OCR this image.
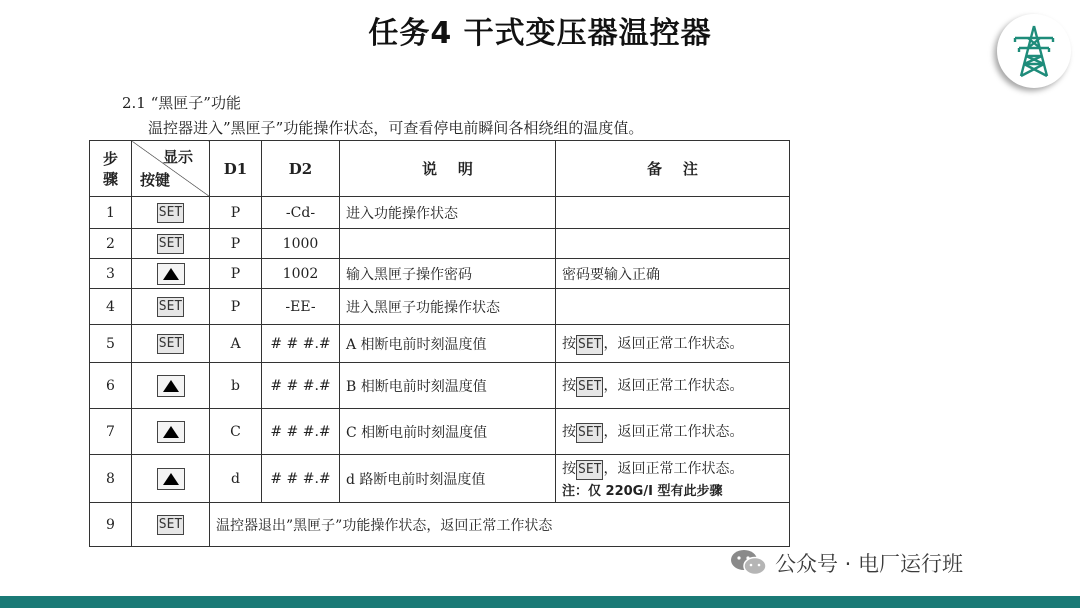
任务4 干式变压器温控器
2.1 “黑匣子”功能
温控器进入”黑匣子”功能操作状态，可查看停电前瞬间各相绕组的温度值。
步骤	显示
按键	D1	D2	说    明	备    注
1	SET	P	-Cd-	进入功能操作状态	
2	SET	P	1000		
3		P	1002	输入黑匣子操作密码	密码要输入正确
4	SET	P	-EE-	进入黑匣子功能操作状态	
5	SET	A	# # #.#	A 相断电前时刻温度值	按 SET ，返回正常工作状态。
6		b	# # #.#	B 相断电前时刻温度值	按 SET ，返回正常工作状态。
7		C	# # #.#	C 相断电前时刻温度值	按 SET ，返回正常工作状态。
8		d	# # #.#	d 路断电前时刻温度值	按 SET ，返回正常工作状态。
注：仅 220G/I 型有此步骤
9	SET	温控器退出”黑匣子”功能操作状态，返回正常工作状态			
公众号 · 电厂运行班
